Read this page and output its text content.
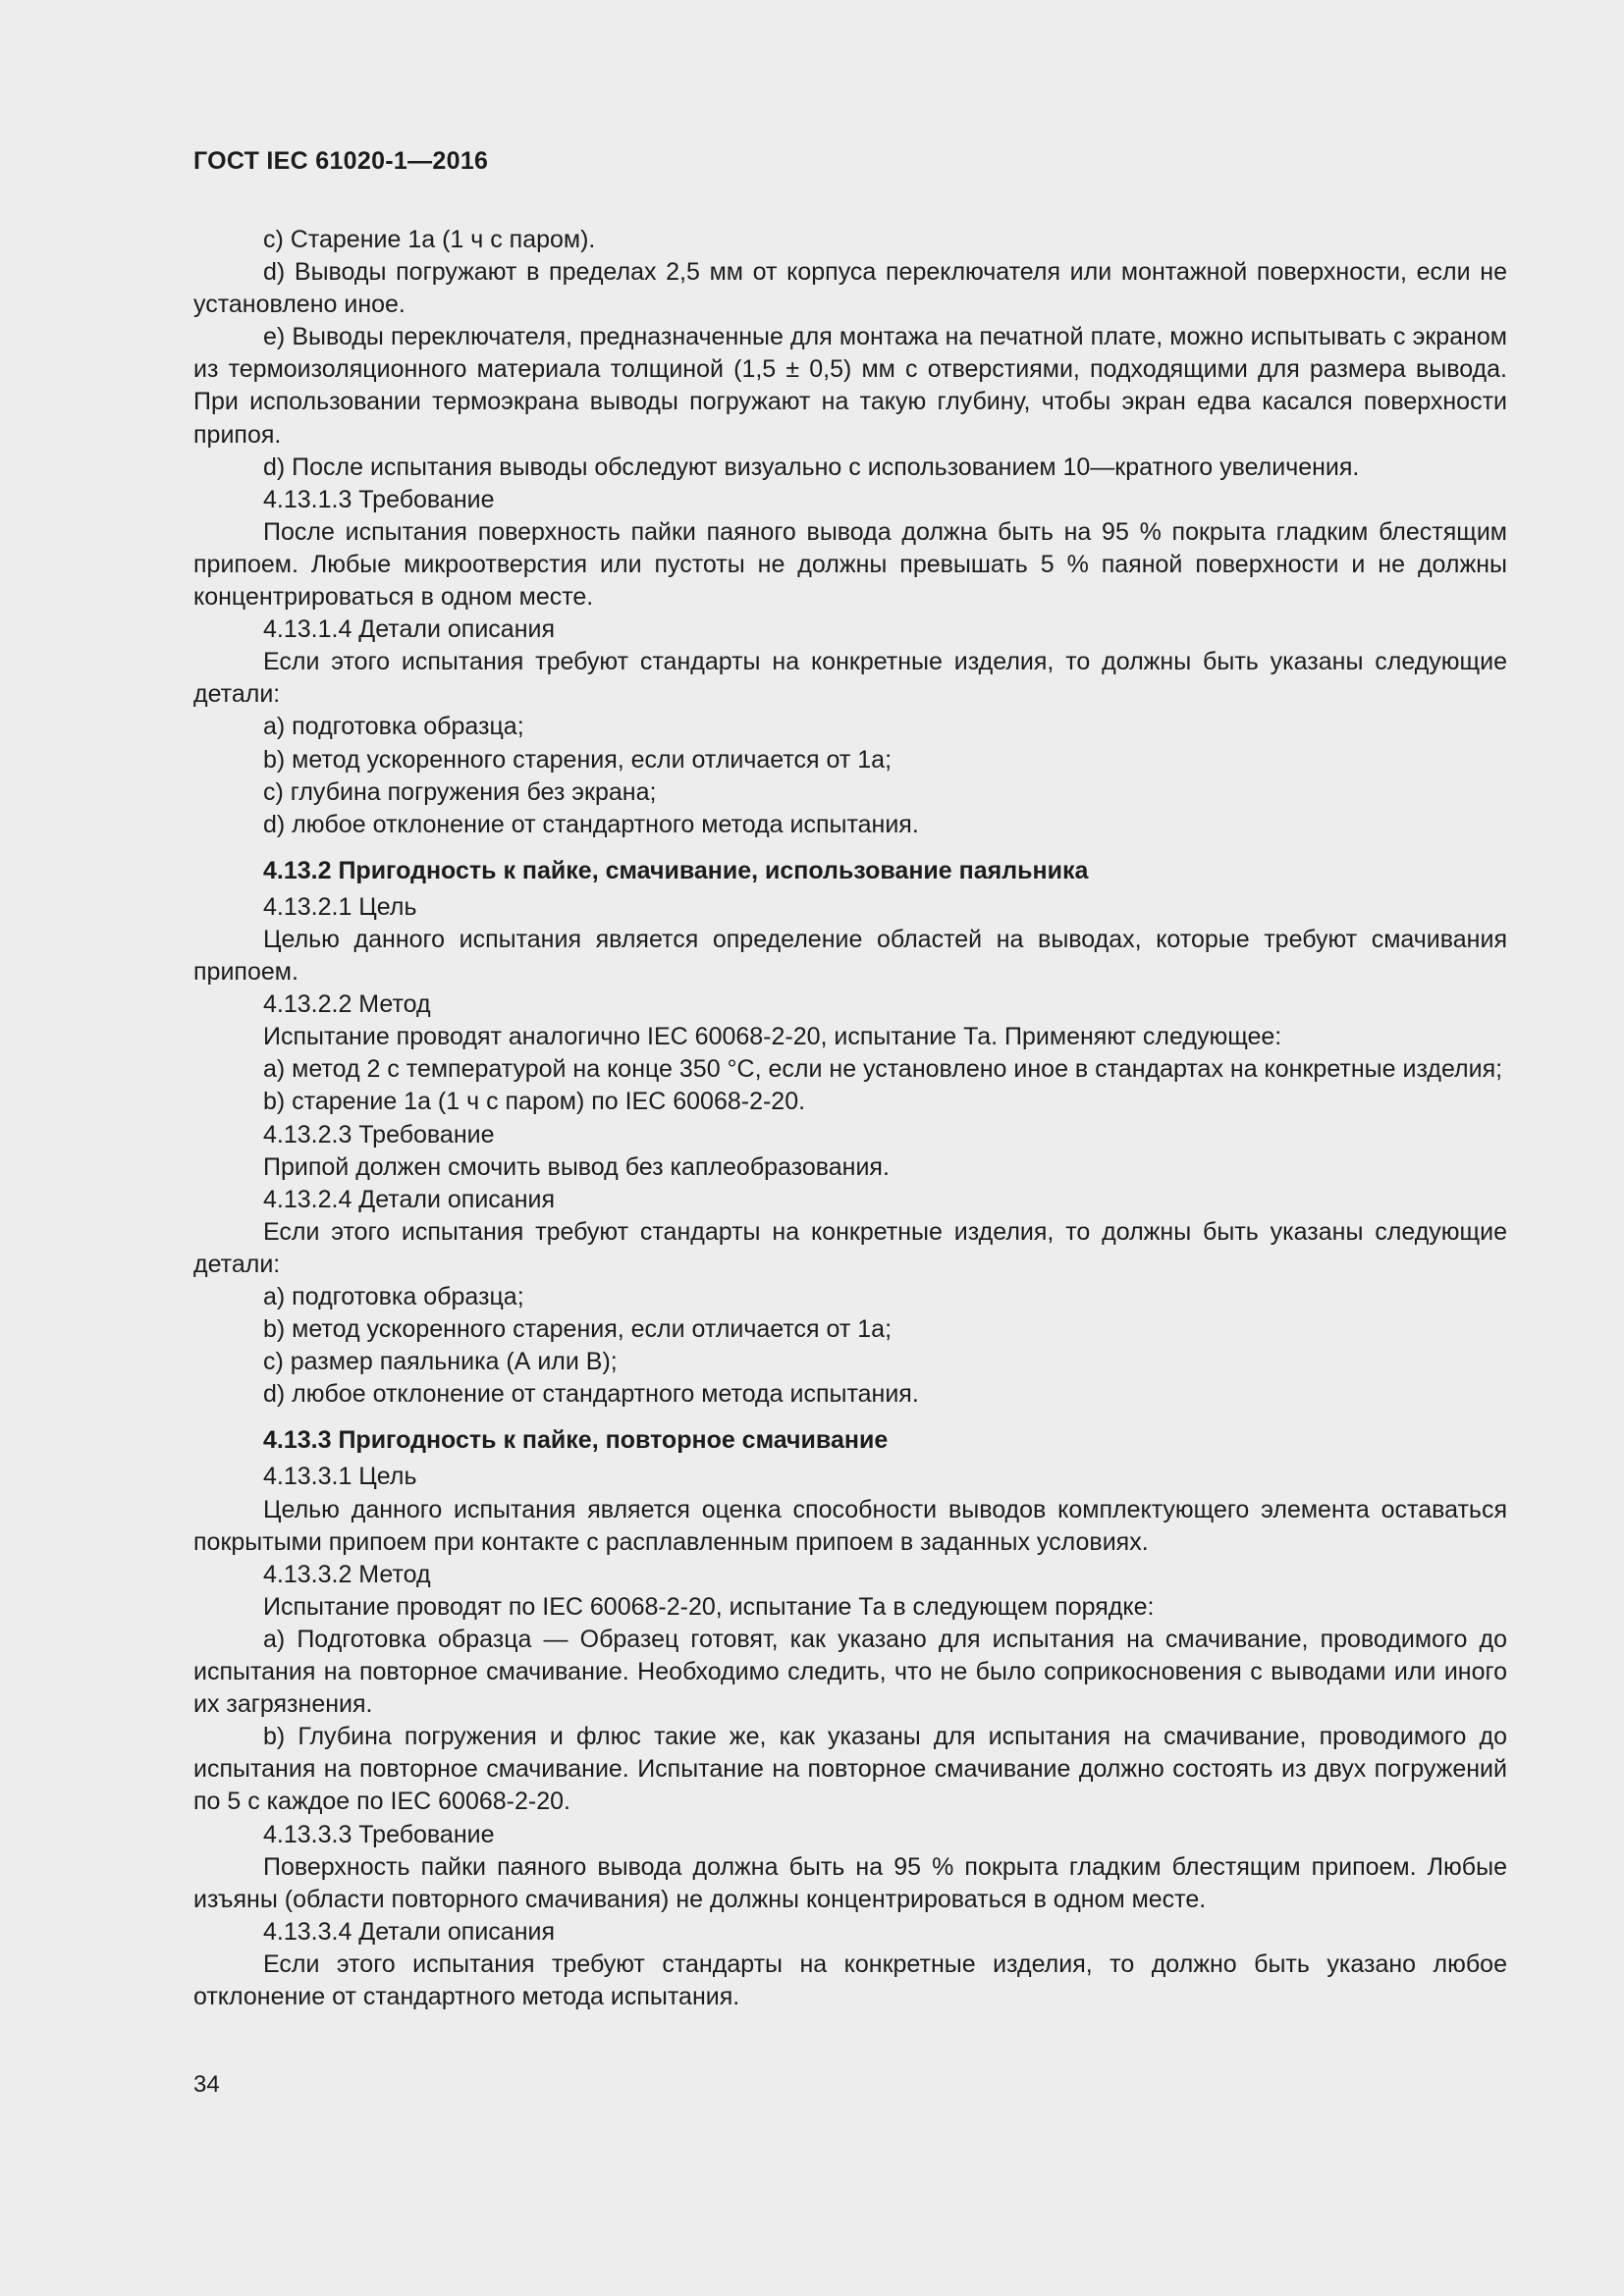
ГОСТ IEC 61020-1—2016

c) Старение 1а (1 ч с паром).

d) Выводы погружают в пределах 2,5 мм от корпуса переключателя или монтажной поверхности, если не установлено иное.

e) Выводы переключателя, предназначенные для монтажа на печатной плате, можно испытывать с экраном из термоизоляционного материала толщиной (1,5 ± 0,5) мм с отверстиями, подходящими для размера вывода. При использовании термоэкрана выводы погружают на такую глубину, чтобы экран едва касался поверхности припоя.

d) После испытания выводы обследуют визуально с использованием 10—кратного увеличения.

4.13.1.3 Требование

После испытания поверхность пайки паяного вывода должна быть на 95 % покрыта гладким блестящим припоем. Любые микроотверстия или пустоты не должны превышать 5 % паяной поверхности и не должны концентрироваться в одном месте.

4.13.1.4 Детали описания

Если этого испытания требуют стандарты на конкретные изделия, то должны быть указаны следующие детали:

a) подготовка образца;

b) метод ускоренного старения, если отличается от 1а;

c) глубина погружения без экрана;

d) любое отклонение от стандартного метода испытания.

4.13.2 Пригодность к пайке, смачивание, использование паяльника

4.13.2.1 Цель

Целью данного испытания является определение областей на выводах, которые требуют смачивания припоем.

4.13.2.2 Метод

Испытание проводят аналогично IEC 60068-2-20, испытание Та. Применяют следующее:

a) метод 2 с температурой на конце 350 °С, если не установлено иное в стандартах на конкретные изделия;

b) старение 1а (1 ч с паром) по IEC 60068-2-20.

4.13.2.3 Требование

Припой должен смочить вывод без каплеобразования.

4.13.2.4 Детали описания

Если этого испытания требуют стандарты на конкретные изделия, то должны быть указаны следующие детали:

a) подготовка образца;

b) метод ускоренного старения, если отличается от 1а;

c) размер паяльника (А или В);

d) любое отклонение от стандартного метода испытания.

4.13.3 Пригодность к пайке, повторное смачивание

4.13.3.1 Цель

Целью данного испытания является оценка способности выводов комплектующего элемента оставаться покрытыми припоем при контакте с расплавленным припоем в заданных условиях.

4.13.3.2 Метод

Испытание проводят по IEC 60068-2-20, испытание Та в следующем порядке:

a) Подготовка образца — Образец готовят, как указано для испытания на смачивание, проводимого до испытания на повторное смачивание. Необходимо следить, что не было соприкосновения с выводами или иного их загрязнения.

b) Глубина погружения и флюс такие же, как указаны для испытания на смачивание, проводимого до испытания на повторное смачивание. Испытание на повторное смачивание должно состоять из двух погружений по 5 с каждое по IEC 60068-2-20.

4.13.3.3 Требование

Поверхность пайки паяного вывода должна быть на 95 % покрыта гладким блестящим припоем. Любые изъяны (области повторного смачивания) не должны концентрироваться в одном месте.

4.13.3.4 Детали описания

Если этого испытания требуют стандарты на конкретные изделия, то должно быть указано любое отклонение от стандартного метода испытания.

34
